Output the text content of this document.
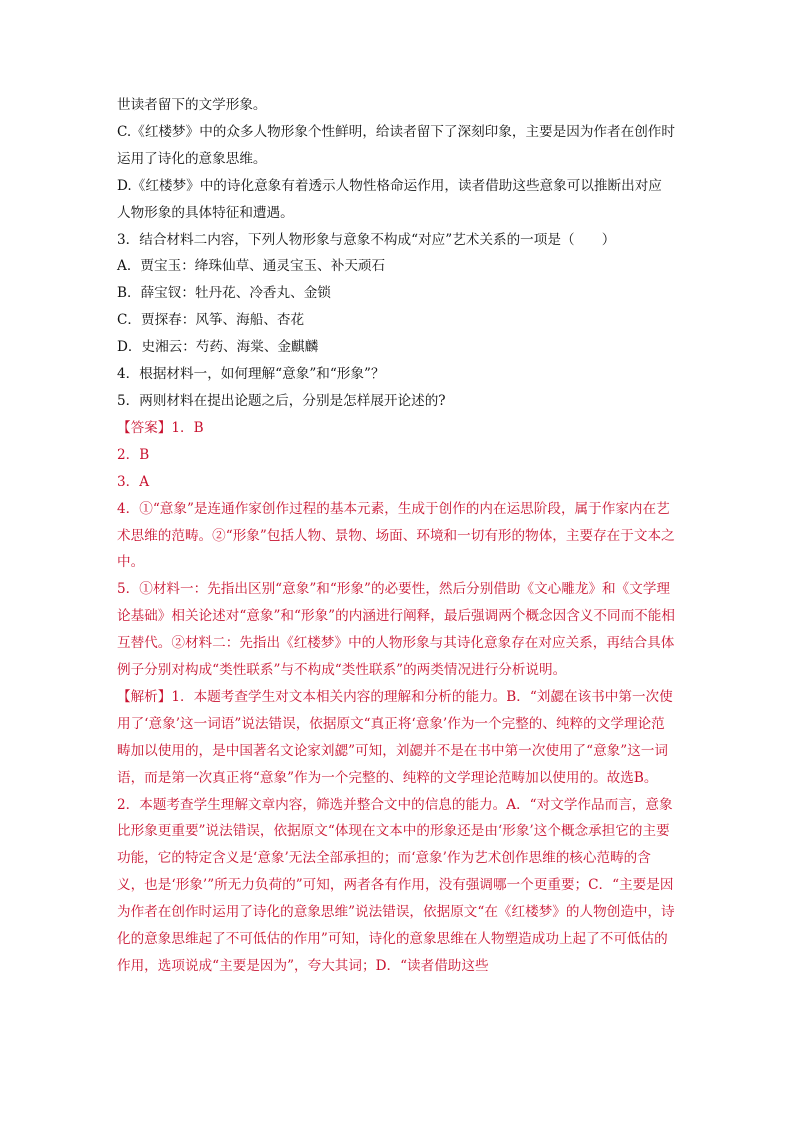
世读者留下的文学形象。

C.《红楼梦》中的众多人物形象个性鲜明，给读者留下了深刻印象，主要是因为作者在创作时运用了诗化的意象思维。

D.《红楼梦》中的诗化意象有着透示人物性格命运作用，读者借助这些意象可以推断出对应人物形象的具体特征和遭遇。

3．结合材料二内容，下列人物形象与意象不构成“对应”艺术关系的一项是（　　）

A．贾宝玉：绛珠仙草、通灵宝玉、补天顽石

B．薛宝钗：牡丹花、冷香丸、金锁

C．贾探春：风筝、海船、杏花

D．史湘云：芍药、海棠、金麒麟

4．根据材料一，如何理解“意象”和“形象”？

5．两则材料在提出论题之后，分别是怎样展开论述的?

【答案】1．B

2．B

3．A

4．①“意象”是连通作家创作过程的基本元素，生成于创作的内在运思阶段，属于作家内在艺术思维的范畴。②“形象”包括人物、景物、场面、环境和一切有形的物体，主要存在于文本之中。

5．①材料一：先指出区别“意象”和“形象”的必要性，然后分别借助《文心雕龙》和《文学理论基础》相关论述对“意象”和“形象”的内涵进行阐释，最后强调两个概念因含义不同而不能相互替代。②材料二：先指出《红楼梦》中的人物形象与其诗化意象存在对应关系，再结合具体例子分别对构成“类性联系”与不构成“类性联系”的两类情况进行分析说明。

【解析】1．本题考查学生对文本相关内容的理解和分析的能力。B．“刘勰在该书中第一次使用了‘意象’这一词语”说法错误，依据原文“真正将‘意象’作为一个完整的、纯粹的文学理论范畴加以使用的，是中国著名文论家刘勰”可知，刘勰并不是在书中第一次使用了“意象”这一词语，而是第一次真正将“意象”作为一个完整的、纯粹的文学理论范畴加以使用的。故选B。

2．本题考查学生理解文章内容，筛选并整合文中的信息的能力。A．“对文学作品而言，意象比形象更重要”说法错误，依据原文“体现在文本中的形象还是由‘形象’这个概念承担它的主要功能，它的特定含义是‘意象’无法全部承担的；而‘意象’作为艺术创作思维的核心范畴的含义，也是‘形象’”所无力负荷的”可知，两者各有作用，没有强调哪一个更重要；C．“主要是因为作者在创作时运用了诗化的意象思维”说法错误，依据原文“在《红楼梦》的人物创造中，诗化的意象思维起了不可低估的作用”可知，诗化的意象思维在人物塑造成功上起了不可低估的作用，选项说成“主要是因为”，夸大其词；D．“读者借助这些
